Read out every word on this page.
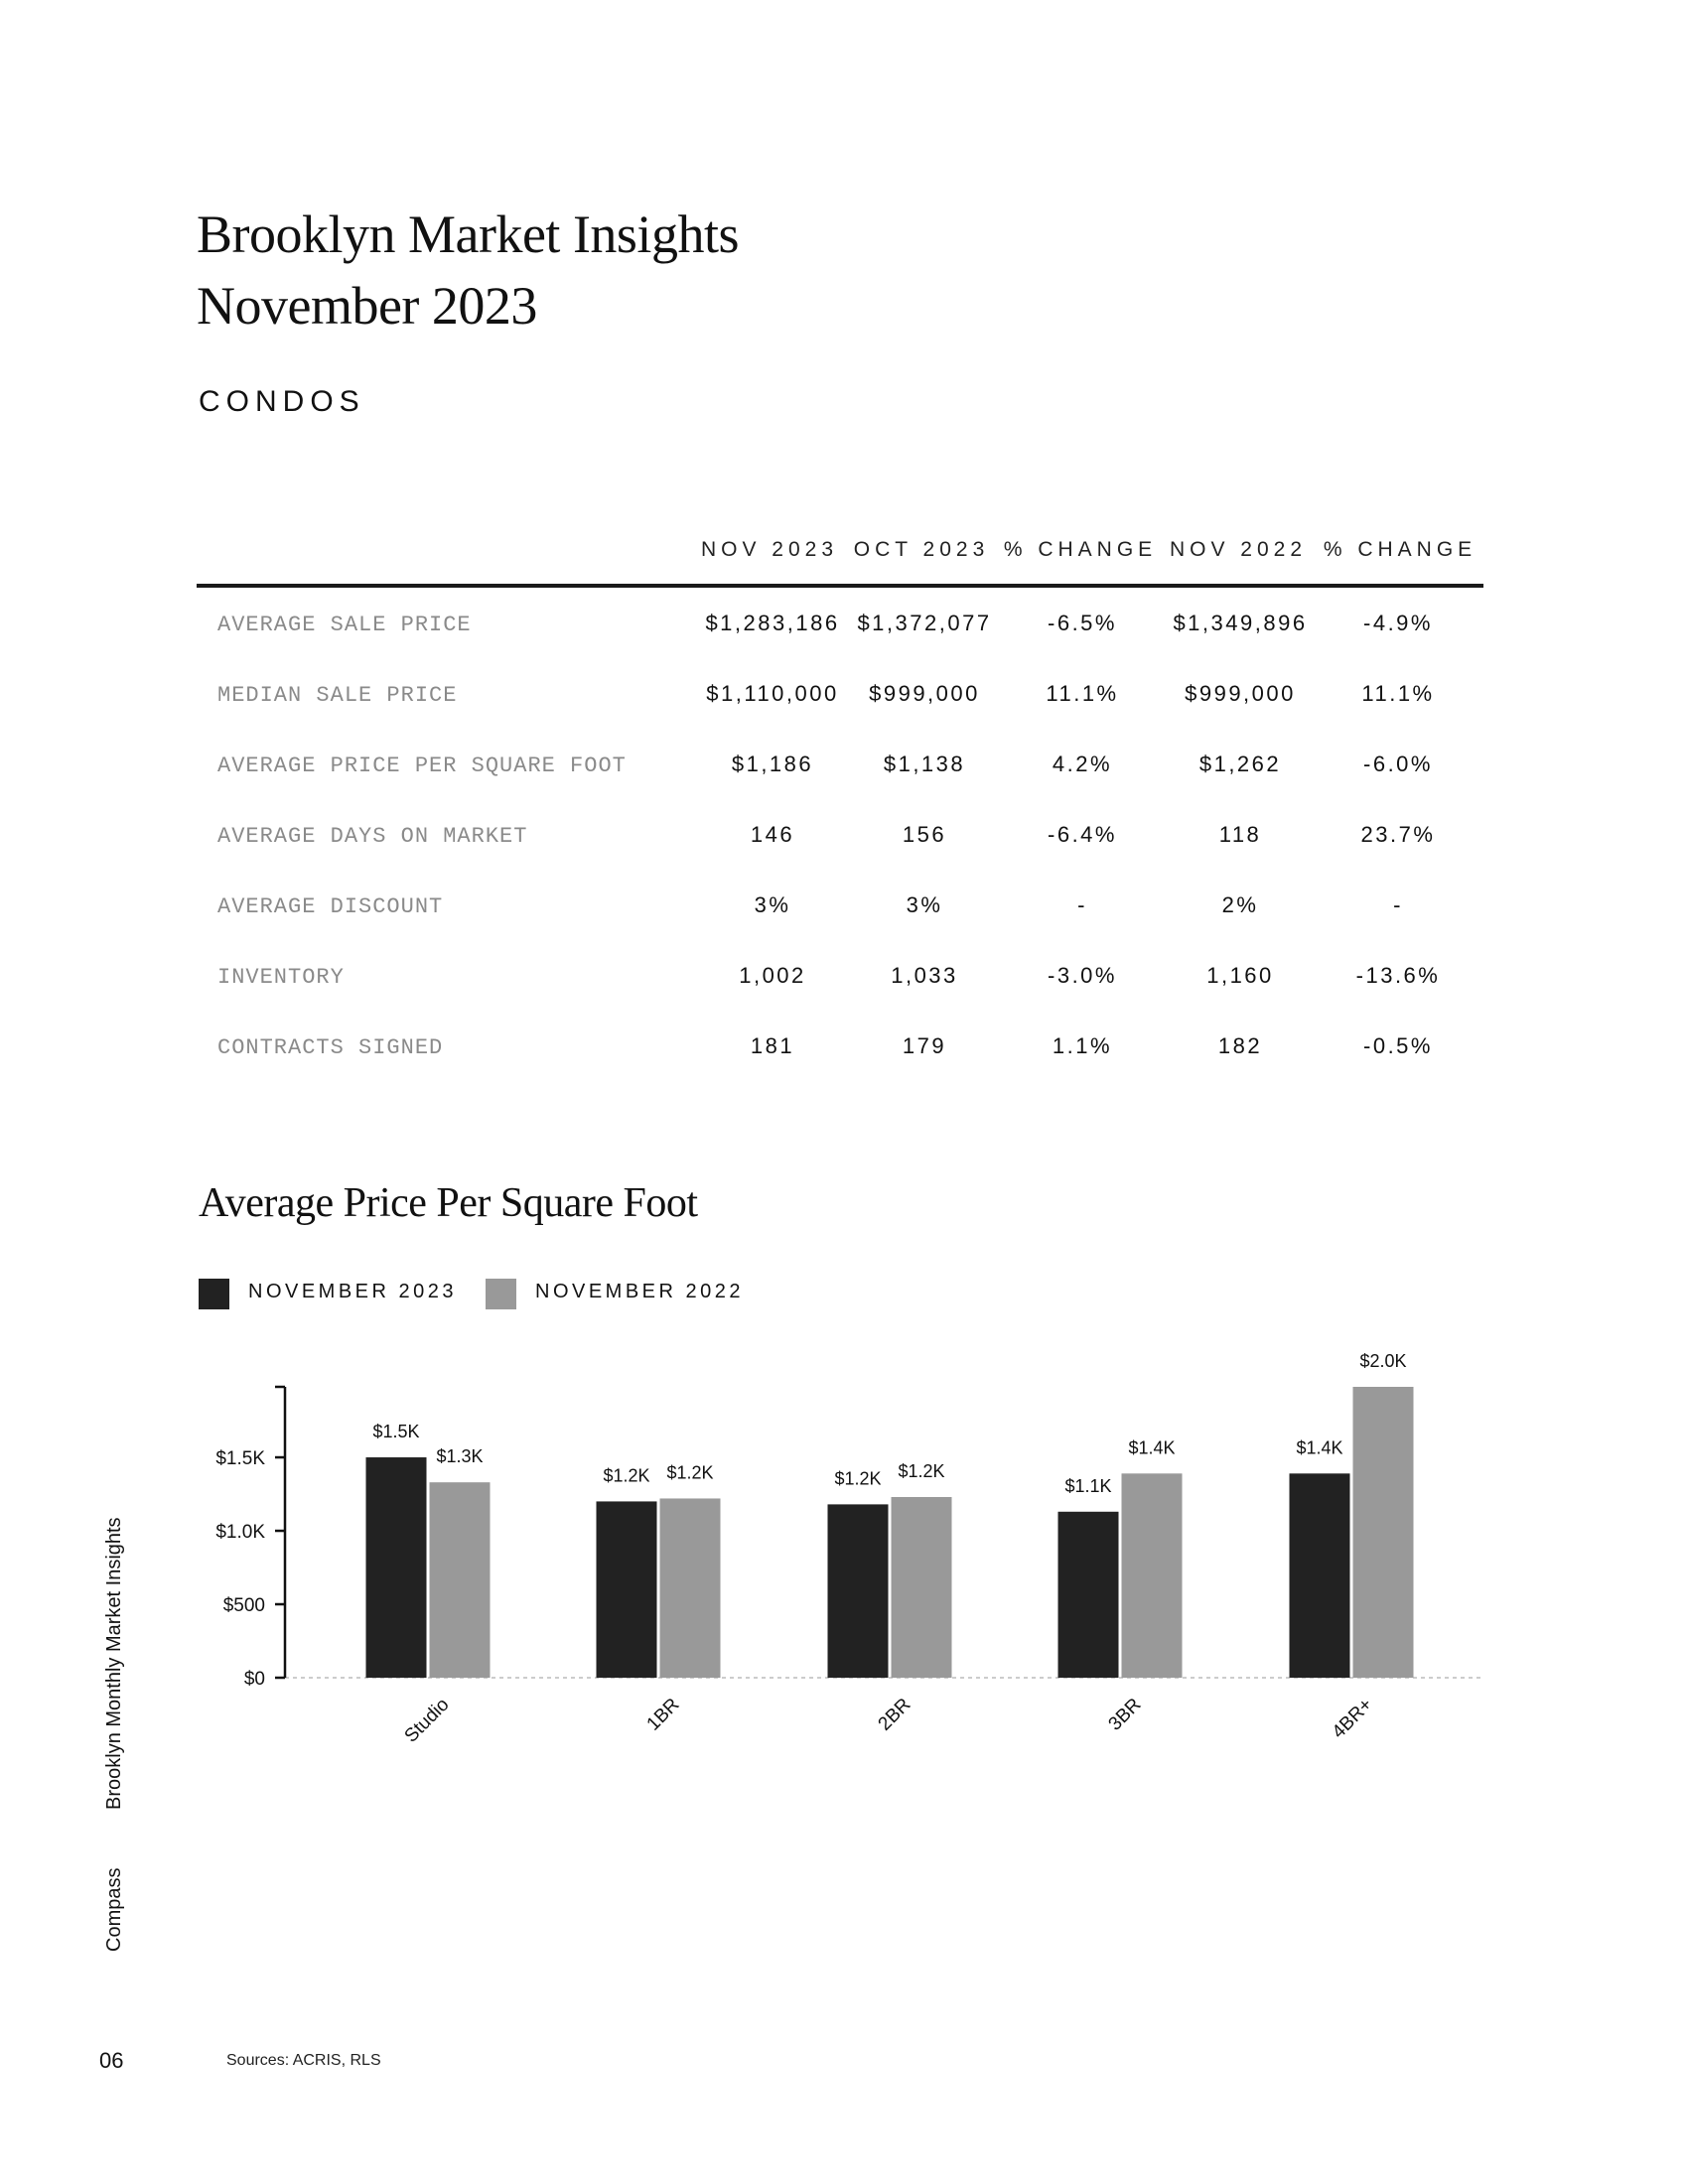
Brooklyn Market Insights
November 2023
CONDOS
NOV 2023 OCT 2023 % CHANGE NOV 2022 % CHANGE
AVERAGE SALE PRICE	$1,283,186 $1,372,077	-6.5%	$1,349,896	-4.9%
MEDIAN SALE PRICE	$1,110,000 $999,000	11.1%	$999,000	11.1%
AVERAGE PRICE PER SQUARE FOOT	$1,186	$1,138	4.2%	$1,262	-6.0%
AVERAGE DAYS ON MARKET	146	156	-6.4%	118	23.7%
AVERAGE DISCOUNT	3%	3%	-	2%	-
INVENTORY	1,002	1,033	-3.0%	1,160	-13.6%
CONTRACTS SIGNED	181	179	1.1%	182	-0.5%
Average Price Per Square Foot
NOVEMBER 2023	NOVEMBER 2022
$0
$500
$1.0K
$1.5K
$1.5K
$1.3K
Studio
$1.2K $1.2K
1BR
$1.2K $1.2K
2BR
$1.1K
$1.4K
3BR
$1.4K
$2.0K
4BR+
Brooklyn Monthly Market Insights
Compass
06	Sources: ACRIS, RLS
